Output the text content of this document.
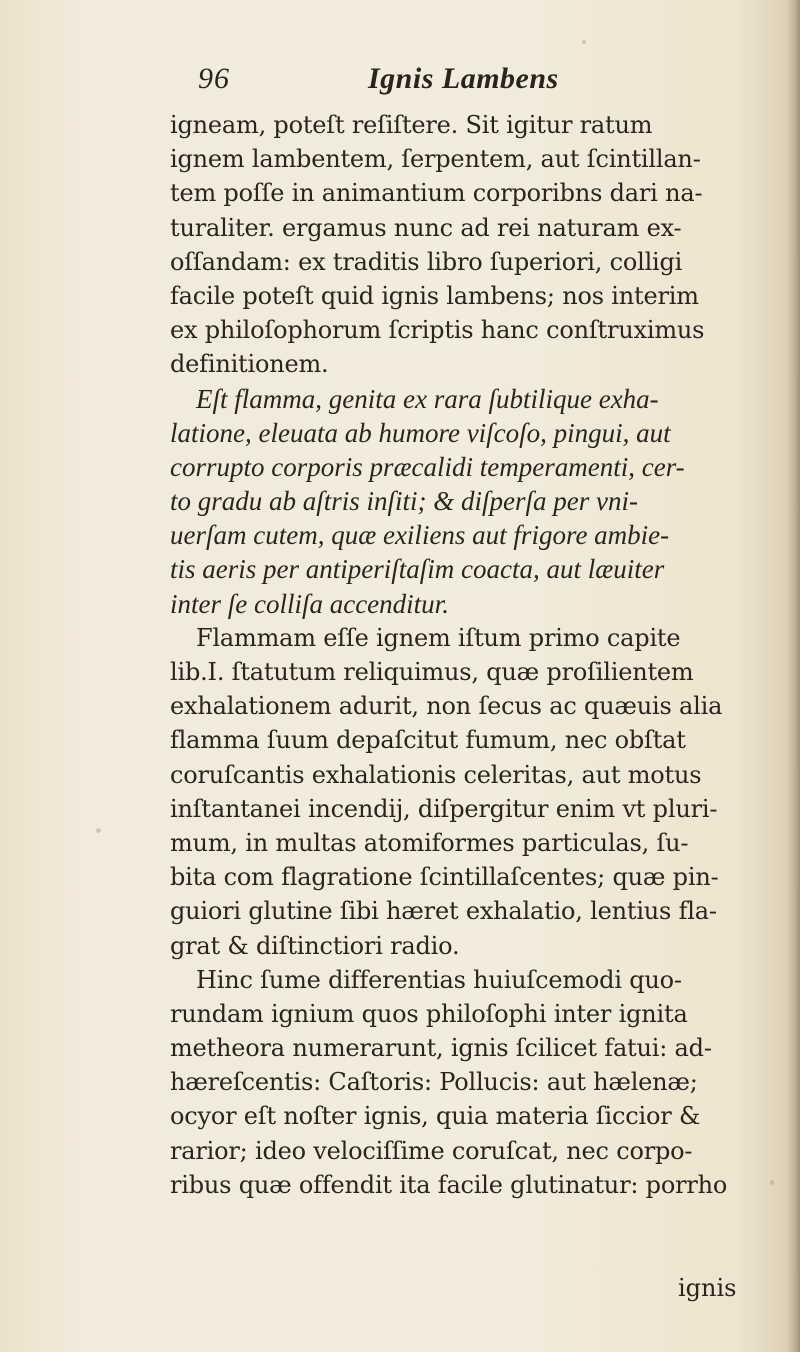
96	Ignis Lambens
igneam, poteſt reſiſtere. Sit igitur ratum
ignem lambentem, ſerpentem, aut ſcintillan-
tem poſſe in animantium corporibns dari na-
turaliter. ergamus nunc ad rei naturam ex-
oſſandam: ex traditis libro ſuperiori, colligi
facile poteſt quid ignis lambens; nos interim
ex philoſophorum ſcriptis hanc conſtruximus
definitionem.
Eſt flamma, genita ex rara ſubtilique exha-
latione, eleuata ab humore viſcoſo, pingui, aut
corrupto corporis præcalidi temperamenti, cer-
to gradu ab aſtris inſiti; & diſperſa per vni-
uerſam cutem, quæ exiliens aut frigore ambie-
tis aeris per antiperiſtaſim coacta, aut læuiter
inter ſe colliſa accenditur.
Flammam eſſe ignem iſtum primo capite
lib.I. ſtatutum reliquimus, quæ proſilientem
exhalationem adurit, non ſecus ac quæuis alia
flamma ſuum depaſcitut fumum, nec obſtat
coruſcantis exhalationis celeritas, aut motus
inſtantanei incendij, diſpergitur enim vt pluri-
mum, in multas atomiformes particulas, ſu-
bita com flagratione ſcintillaſcentes; quæ pin-
guiori glutine ſibi hæret exhalatio, lentius fla-
grat & diſtinctiori radio.
Hinc ſume differentias huiuſcemodi quo-
rundam ignium quos philoſophi inter ignita
metheora numerarunt, ignis ſcilicet fatui: ad-
hæreſcentis: Caſtoris: Pollucis: aut hælenæ;
ocyor eſt noſter ignis, quia materia ſiccior &
rarior; ideo velociſſime coruſcat, nec corpo-
ribus quæ offendit ita facile glutinatur: porrho
ignis
